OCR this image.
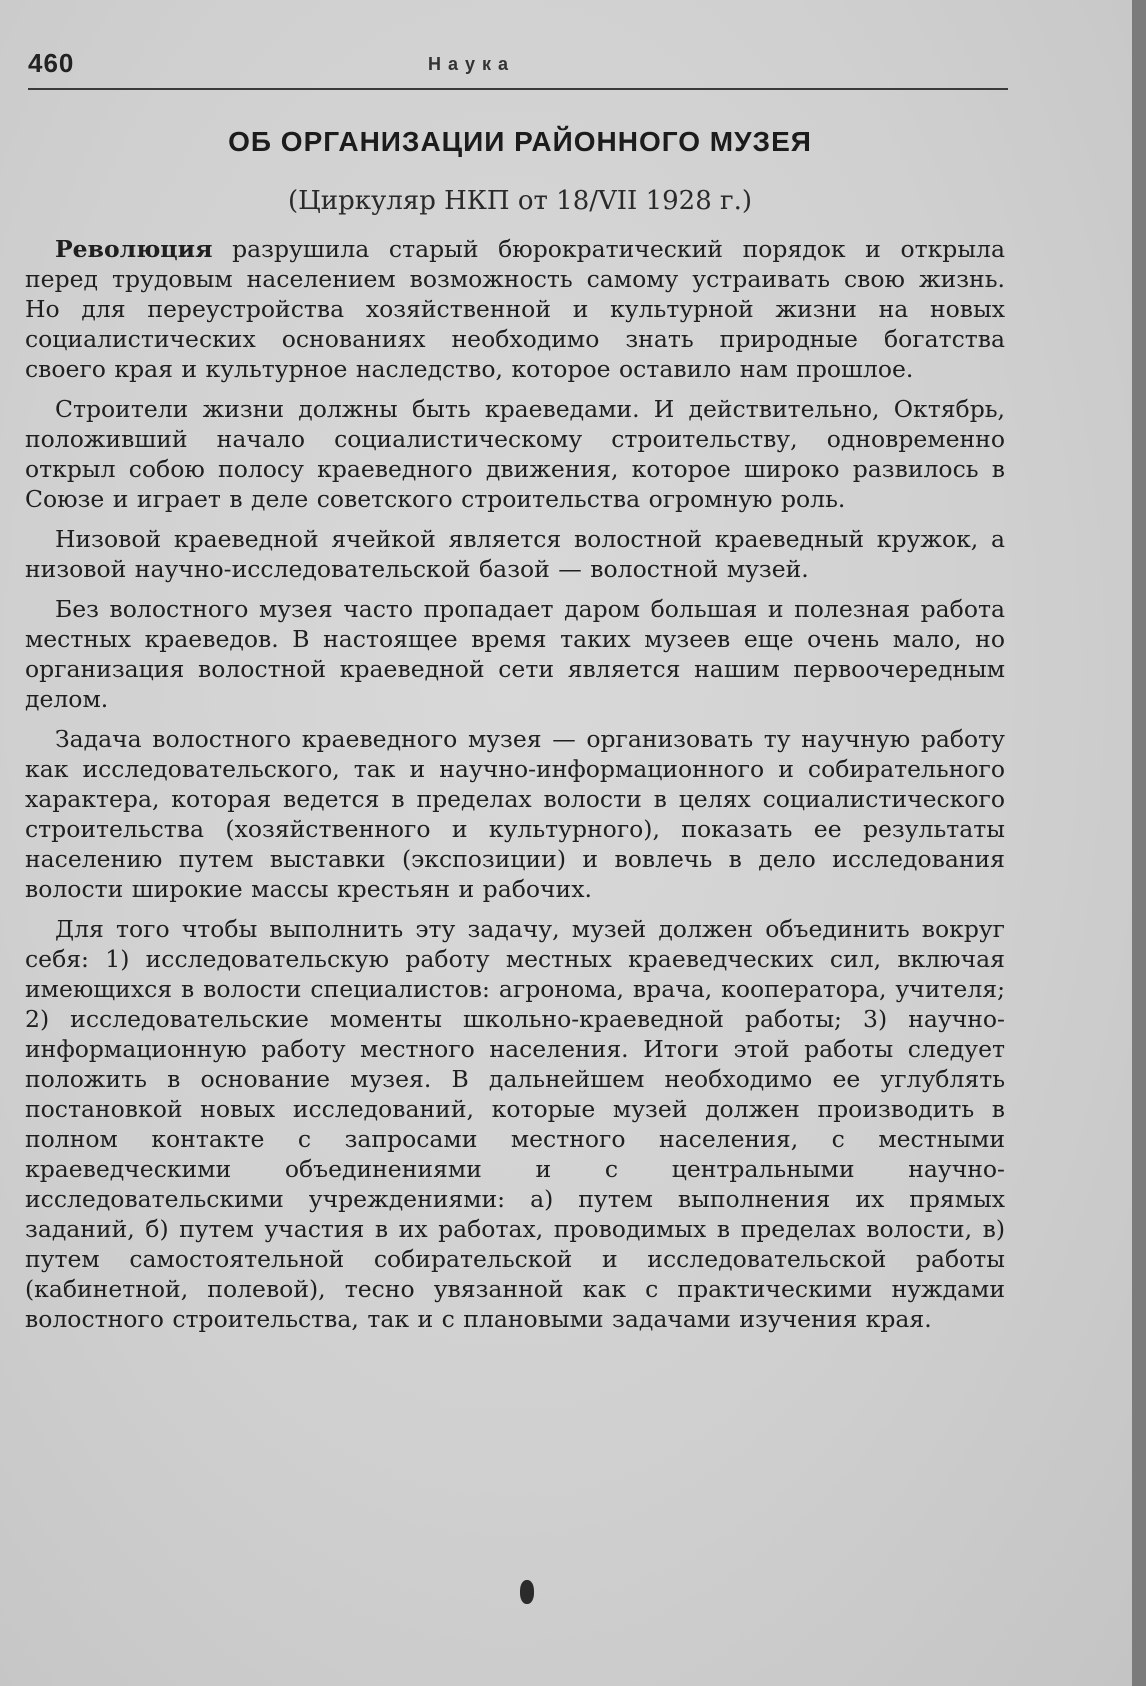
460	Наука
ОБ ОРГАНИЗАЦИИ РАЙОННОГО МУЗЕЯ
(Циркуляр НКП от 18/VII 1928 г.)

Революция разрушила старый бюрократический порядок и открыла перед трудовым населением возможность самому устраивать свою жизнь. Но для переустройства хозяйственной и культурной жизни на новых социалистических основаниях необходимо знать природные богатства своего края и культурное наследство, которое оставило нам прошлое.

Строители жизни должны быть краеведами. И действительно, Октябрь, положивший начало социалистическому строительству, одновременно открыл собою полосу краеведного движения, которое широко развилось в Союзе и играет в деле советского строительства огромную роль.

Низовой краеведной ячейкой является волостной краеведный кружок, а низовой научно-исследовательской базой — волостной музей.

Без волостного музея часто пропадает даром большая и полезная работа местных краеведов. В настоящее время таких музеев еще очень мало, но организация волостной краеведной сети является нашим первоочередным делом.

Задача волостного краеведного музея — организовать ту научную работу как исследовательского, так и научно-информационного и собирательного характера, которая ведется в пределах волости в целях социалистического строительства (хозяйственного и культурного), показать ее результаты населению путем выставки (экспозиции) и вовлечь в дело исследования волости широкие массы крестьян и рабочих.

Для того чтобы выполнить эту задачу, музей должен объединить вокруг себя: 1) исследовательскую работу местных краеведческих сил, включая имеющихся в волости специалистов: агронома, врача, кооператора, учителя; 2) исследовательские моменты школьно-краеведной работы; 3) научно-информационную работу местного населения. Итоги этой работы следует положить в основание музея. В дальнейшем необходимо ее углублять постановкой новых исследований, которые музей должен производить в полном контакте с запросами местного населения, с местными краеведческими объединениями и с центральными научно-исследовательскими учреждениями: а) путем выполнения их прямых заданий, б) путем участия в их работах, проводимых в пределах волости, в) путем самостоятельной собирательской и исследовательской работы (кабинетной, полевой), тесно увязанной как с практическими нуждами волостного строительства, так и с плановыми задачами изучения края.
